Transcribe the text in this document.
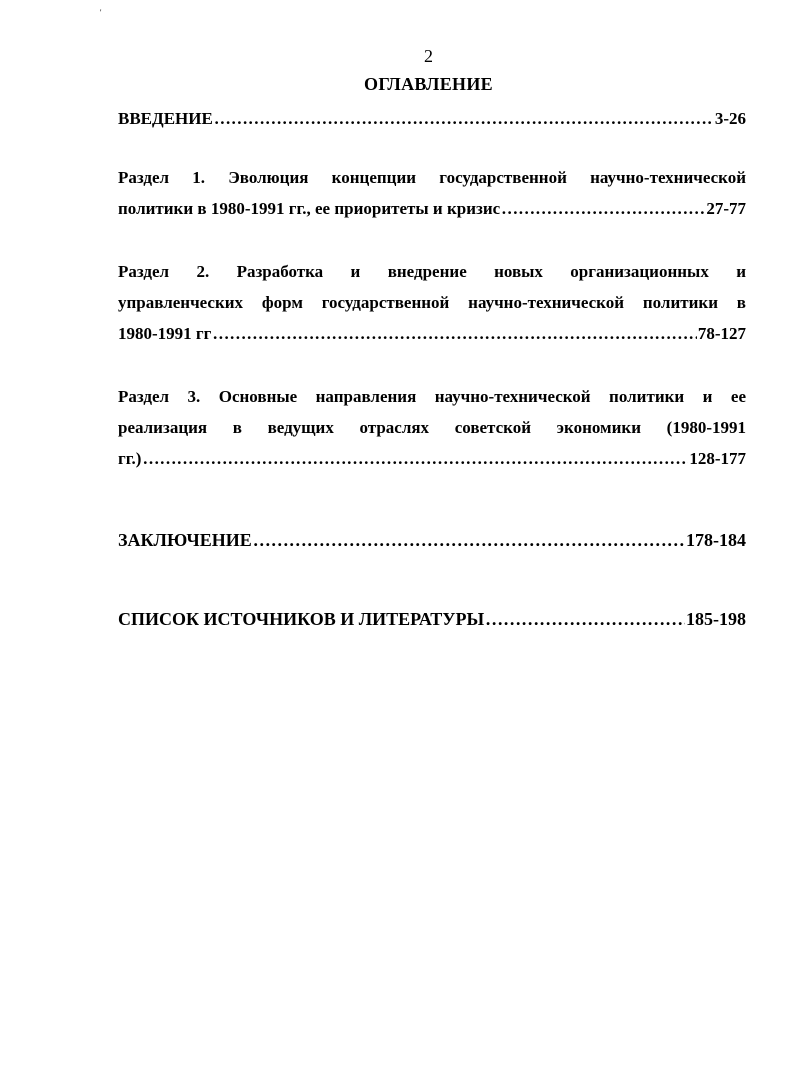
'
2
ОГЛАВЛЕНИЕ
ВВЕДЕНИЕ ………………………………………………………………………………………………………………………………………………………………	3-26
Раздел 1. Эволюция концепции государственной научно-технической
политики в 1980-1991 гг., ее приоритеты и кризис ………………………………………………………………………………………………………………………………………………………………	27-77
Раздел 2. Разработка и внедрение новых организационных и
управленческих форм государственной научно-технической политики в
1980-1991 гг ………………………………………………………………………………………………………………………………………………………………	78-127
Раздел 3. Основные направления научно-технической политики и ее
реализация в ведущих отраслях советской экономики (1980-1991
гг.) ………………………………………………………………………………………………………………………………………………………………	128-177
ЗАКЛЮЧЕНИЕ ………………………………………………………………………………………………………………………………………………………………	178-184
СПИСОК ИСТОЧНИКОВ И ЛИТЕРАТУРЫ ………………………………………………………………………………………………………………………………………………………………	185-198
